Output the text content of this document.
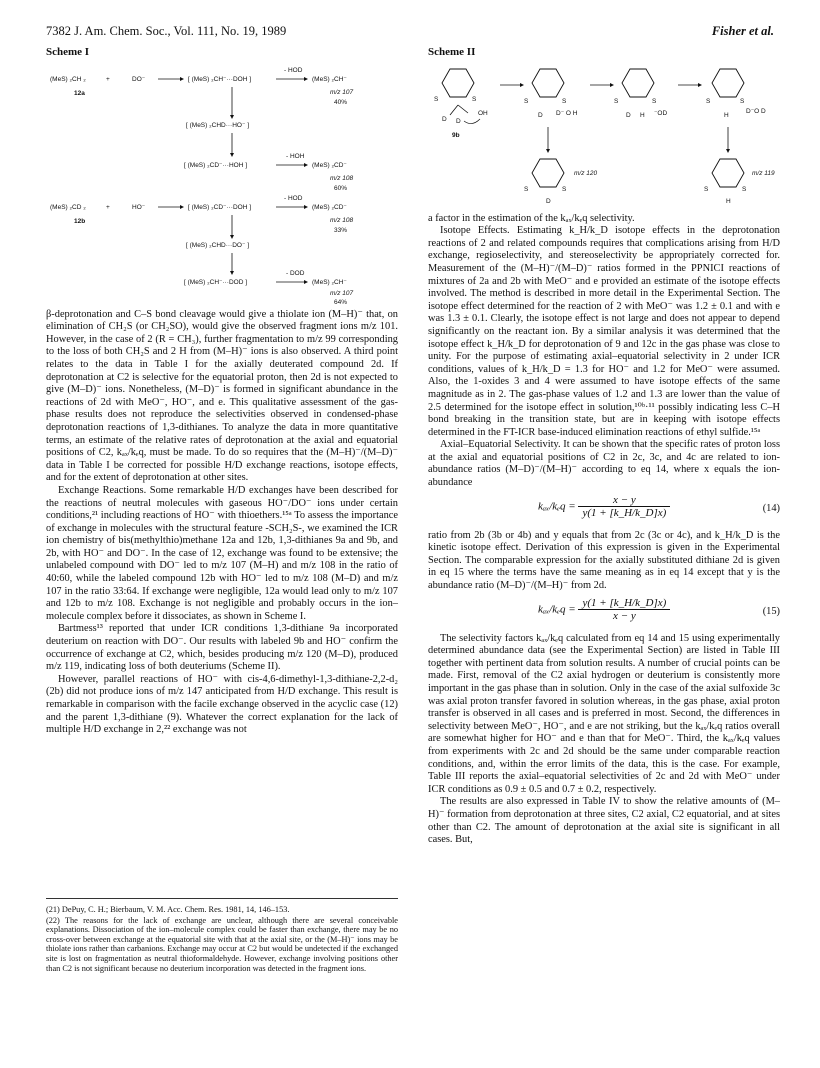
7382 J. Am. Chem. Soc., Vol. 111, No. 19, 1989	Fisher et al.
Scheme I
(MeS) ₂CH ₂	+	DO⁻	[ (MeS) ₂CH⁻···DOH ]
- HOD
(MeS) ₂CH⁻
12a	m/z 107
40%
[ (MeS) ₂CHD···HO⁻ ]
[ (MeS) ₂CD⁻···HOH ]
- HOH
(MeS) ₂CD⁻
m/z 108
60%
(MeS) ₂CD ₂	+	HO⁻	[ (MeS) ₂CD⁻···DOH ]
- HOD
(MeS) ₂CD⁻
12b	m/z 108
33%
[ (MeS) ₂CHD···DO⁻ ]
[ (MeS) ₂CH⁻···DOD ]
- DOD
(MeS) ₂CH⁻
m/z 107
64%

β-deprotonation and C–S bond cleavage would give a thiolate ion (M–H)⁻ that, on elimination of CH₂S (or CH₂SO), would give the observed fragment ions m/z 101. However, in the case of 2 (R = CH₃), further fragmentation to m/z 99 corresponding to the loss of both CH₂S and 2 H from (M–H)⁻ ions is also observed. A third point relates to the data in Table I for the axially deuterated compound 2d. If deprotonation at C2 is selective for the equatorial proton, then 2d is not expected to give (M–D)⁻ ions. Nonetheless, (M–D)⁻ is formed in significant abundance in the reactions of 2d with MeO⁻, HO⁻, and e. This qualitative assessment of the gas-phase results does not reproduce the selectivities observed in condensed-phase deprotonation reactions of 1,3-dithianes. To analyze the data in more quantitative terms, an estimate of the relative rates of deprotonation at the axial and equatorial positions of C2, kₐₓ/kₑq, must be made. To do so requires that the (M–H)⁻/(M–D)⁻ data in Table I be corrected for possible H/D exchange reactions, isotope effects, and for the extent of deprotonation at other sites.

Exchange Reactions. Some remarkable H/D exchanges have been described for the reactions of neutral molecules with gaseous HO⁻/DO⁻ ions under certain conditions,²¹ including reactions of HO⁻ with thioethers.¹⁵ᵃ To assess the importance of exchange in molecules with the structural feature -SCH₂S-, we examined the ICR ion chemistry of bis(methylthio)methane 12a and 12b, 1,3-dithianes 9a and 9b, and 2b, with HO⁻ and DO⁻. In the case of 12, exchange was found to be extensive; the unlabeled compound with DO⁻ led to m/z 107 (M–H) and m/z 108 in the ratio of 40:60, while the labeled compound 12b with HO⁻ led to m/z 108 (M–D) and m/z 107 in the ratio 33:64. If exchange were negligible, 12a would lead only to m/z 107 and 12b to m/z 108. Exchange is not negligible and probably occurs in the ion–molecule complex before it dissociates, as shown in Scheme I.

Bartmess¹³ reported that under ICR conditions 1,3-dithiane 9a incorporated deuterium on reaction with DO⁻. Our results with labeled 9b and HO⁻ confirm the occurrence of exchange at C2, which, besides producing m/z 120 (M–D), produced m/z 119, indicating loss of both deuteriums (Scheme II).

However, parallel reactions of HO⁻ with cis-4,6-dimethyl-1,3-dithiane-2,2-d₂ (2b) did not produce ions of m/z 147 anticipated from H/D exchange. This result is remarkable in comparison with the facile exchange observed in the acyclic case (12) and the parent 1,3-dithiane (9). Whatever the correct explanation for the lack of multiple H/D exchange in 2,²² exchange was not

(21) DePuy, C. H.; Bierbaum, V. M. Acc. Chem. Res. 1981, 14, 146–153.
(22) The reasons for the lack of exchange are unclear, although there are several conceivable explanations. Dissociation of the ion–molecule complex could be faster than exchange, there may be no cross-over between exchange at the equatorial site with that at the axial site, or the (M–H)⁻ ions may be thiolate ions rather than carbanions. Exchange may occur at C2 but would be undetected if the exchanged site is lost on fragmentation as neutral thioformaldehyde. However, exchange involving positions other than C2 is not significant because no deuterium incorporation was detected in the fragment ions.
Scheme II
S	S
D D
OH
9b
S	S
D D⁻ O H
S	S
D H ⁻OD
S	S
H
D⁻O D
S	S
D
m/z 120
S	S
H
m/z 119

a factor in the estimation of the kₐₓ/kₑq selectivity.

Isotope Effects. Estimating k_H/k_D isotope effects in the deprotonation reactions of 2 and related compounds requires that complications arising from H/D exchange, regioselectivity, and stereoselectivity be appropriately corrected for. Measurement of the (M–H)⁻/(M–D)⁻ ratios formed in the PPNICI reactions of mixtures of 2a and 2b with MeO⁻ and e provided an estimate of the isotope effects involved. The method is described in more detail in the Experimental Section. The isotope effect determined for the reaction of 2 with MeO⁻ was 1.2 ± 0.1 and with e was 1.3 ± 0.1. Clearly, the isotope effect is not large and does not appear to depend significantly on the reactant ion. By a similar analysis it was determined that the isotope effect k_H/k_D for deprotonation of 9 and 12c in the gas phase was close to unity. For the purpose of estimating axial–equatorial selectivity in 2 under ICR conditions, values of k_H/k_D = 1.3 for HO⁻ and 1.2 for MeO⁻ were assumed. Also, the 1-oxides 3 and 4 were assumed to have isotope effects of the same magnitude as in 2. The gas-phase values of 1.2 and 1.3 are lower than the value of 2.5 determined for the isotope effect in solution,¹⁰ᵇ·¹¹ possibly indicating less C–H bond breaking in the transition state, but are in keeping with isotope effects determined in the FT-ICR base-induced elimination reactions of ethyl sulfide.¹⁵ᵃ

Axial–Equatorial Selectivity. It can be shown that the specific rates of proton loss at the axial and equatorial positions of C2 in 2c, 3c, and 4c are related to ion-abundance ratios (M–D)⁻/(M–H)⁻ according to eq 14, where x equals the ion-abundance

$k_{ax}/k_eq = \frac{x - y}{y(1 + [k\_H/k\_D]x)}$	(14)

ratio from 2b (3b or 4b) and y equals that from 2c (3c or 4c), and k_H/k_D is the kinetic isotope effect. Derivation of this expression is given in the Experimental Section. The comparable expression for the axially substituted dithiane 2d is given in eq 15 where the terms have the same meaning as in eq 14 except that y is the abundance ratio (M–D)⁻/(M–H)⁻ from 2d.

$k_{ax}/k_eq = \frac{y(1 + [k\_H/k\_D]x)}{x - y}$	(15)

The selectivity factors kₐₓ/kₑq calculated from eq 14 and 15 using experimentally determined abundance data (see the Experimental Section) are listed in Table III together with pertinent data from solution results. A number of crucial points can be made. First, removal of the C2 axial hydrogen or deuterium is consistently more important in the gas phase than in solution. Only in the case of the axial sulfoxide 3c was axial proton transfer favored in solution whereas, in the gas phase, axial proton transfer is observed in all cases and is preferred in most. Second, the differences in selectivity between MeO⁻, HO⁻, and e are not striking, but the kₐₓ/kₑq ratios overall are somewhat higher for HO⁻ and e than that for MeO⁻. Third, the kₐₓ/kₑq values from experiments with 2c and 2d should be the same under comparable reaction conditions, and, within the error limits of the data, this is the case. For example, Table III reports the axial–equatorial selectivities of 2c and 2d with MeO⁻ under ICR conditions as 0.9 ± 0.5 and 0.7 ± 0.2, respectively.

The results are also expressed in Table IV to show the relative amounts of (M–H)⁻ formation from deprotonation at three sites, C2 axial, C2 equatorial, and at sites other than C2. The amount of deprotonation at the axial site is significant in all cases. But,
